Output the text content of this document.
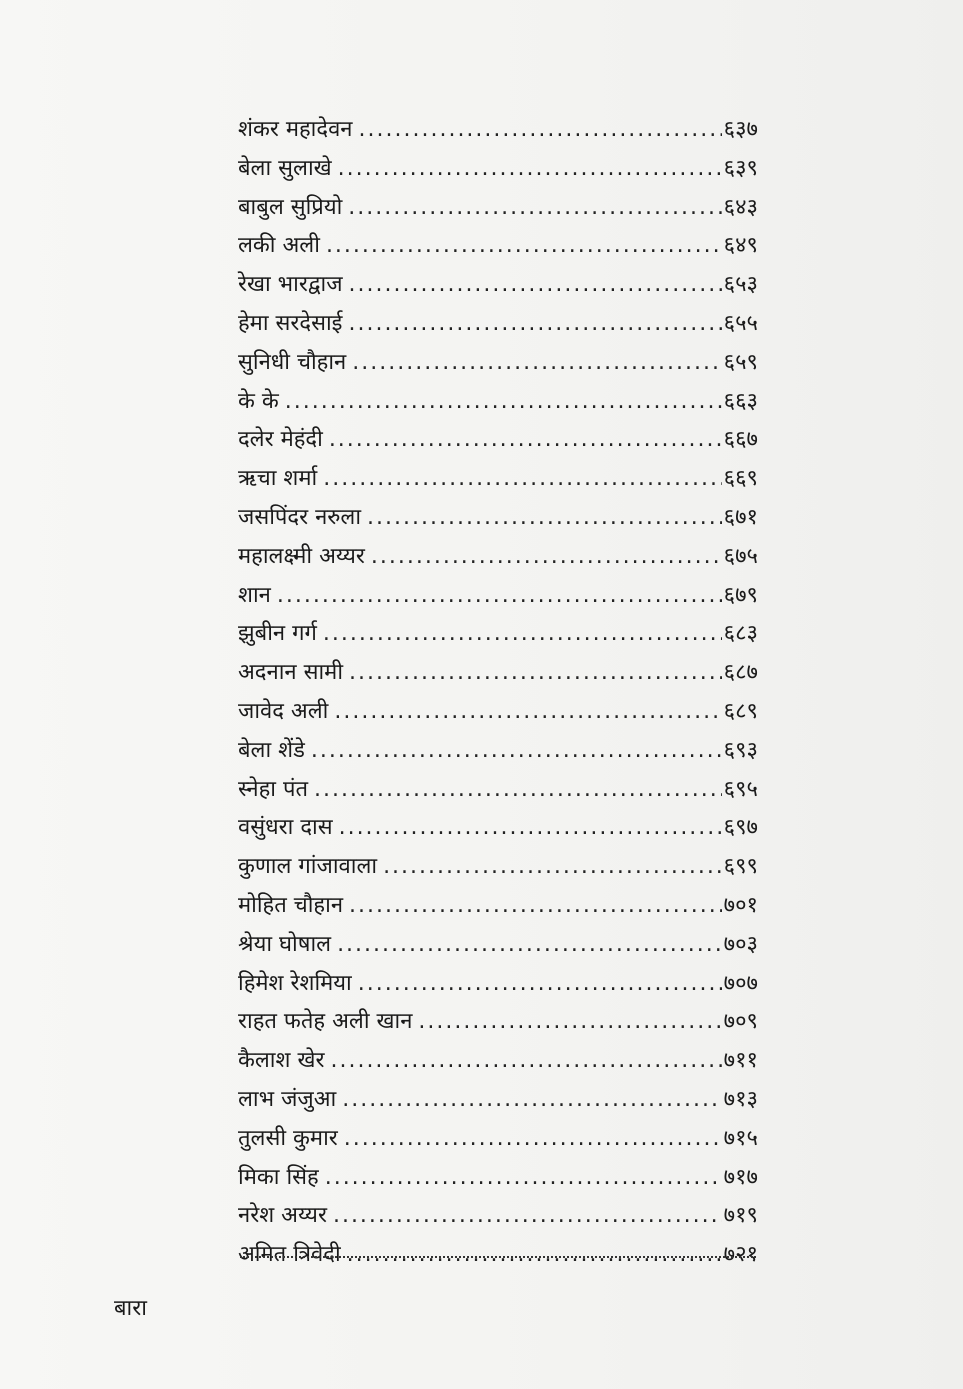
शंकर महादेवन .....	६३७
बेला सुलाखे .....	६३९
बाबुल सुप्रियो .....	६४३
लकी अली .....	६४९
रेखा भारद्वाज .....	६५३
हेमा सरदेसाई .....	६५५
सुनिधी चौहान .....	६५९
के के .....	६६३
दलेर मेहंदी .....	६६७
ऋचा शर्मा .....	६६९
जसपिंदर नरुला .....	६७१
महालक्ष्मी अय्यर .....	६७५
शान .....	६७९
झुबीन गर्ग .....	६८३
अदनान सामी .....	६८७
जावेद अली .....	६८९
बेला शेंडे .....	६९३
स्नेहा पंत .....	६९५
वसुंधरा दास .....	६९७
कुणाल गांजावाला .....	६९९
मोहित चौहान .....	७०१
श्रेया घोषाल .....	७०३
हिमेश रेशमिया .....	७०७
राहत फतेह अली खान .....	७०९
कैलाश खेर .....	७११
लाभ जंजुआ .....	७१३
तुलसी कुमार .....	७१५
मिका सिंह .....	७१७
नरेश अय्यर .....	७१९
अमित त्रिवेदी .....	७२१
बारा
